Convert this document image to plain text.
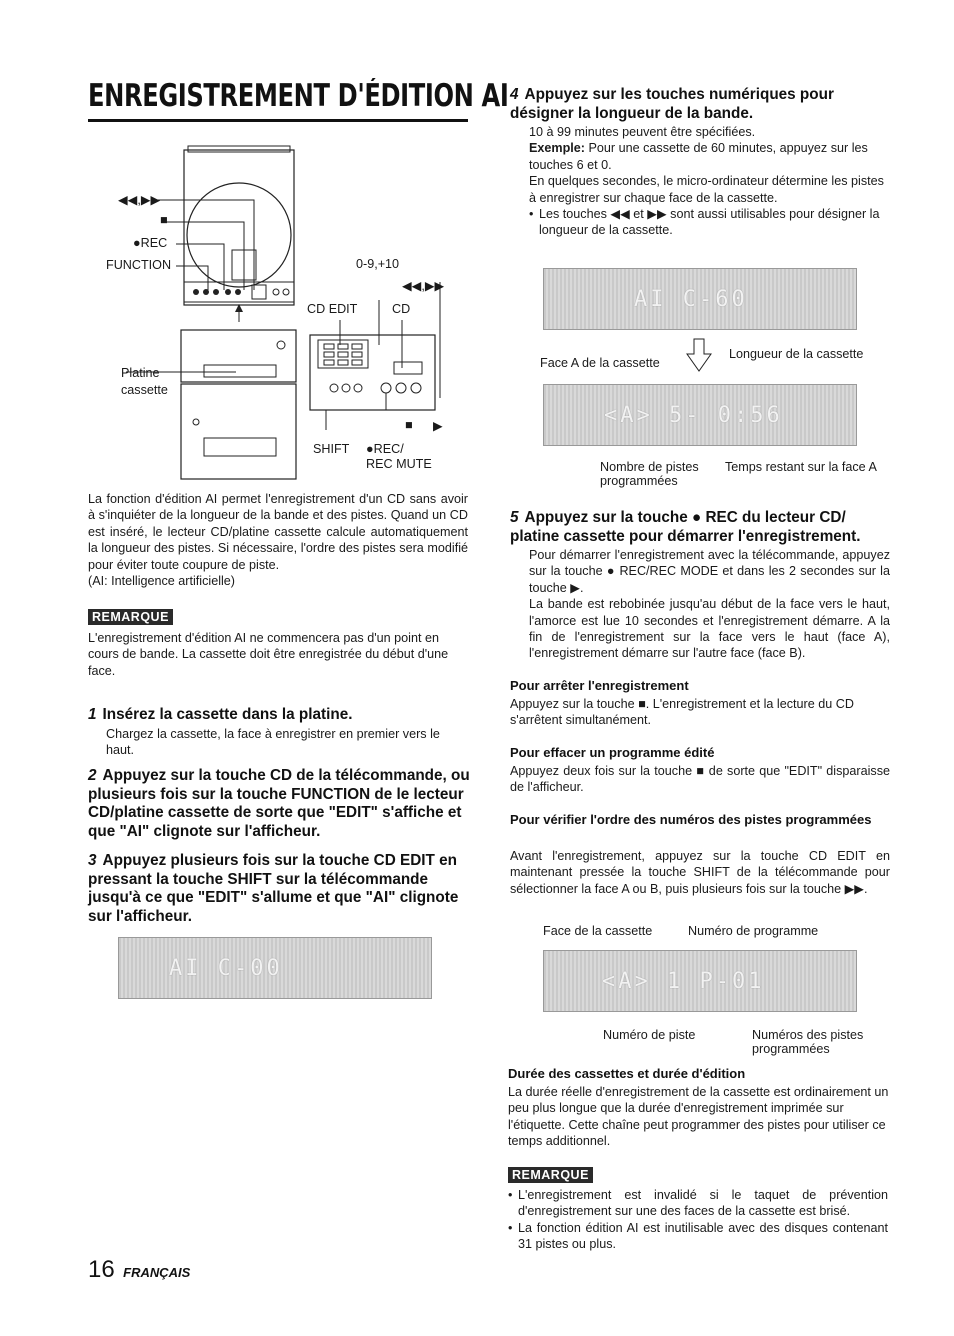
ENREGISTREMENT D'ÉDITION AI
◀◀,▶▶
■
●REC
FUNCTION
Platine cassette
0-9,+10
◀◀,▶▶
CD EDIT	CD
■ ▶
SHIFT ●REC/
REC MUTE
La fonction d'édition AI permet l'enregistrement d'un CD sans avoir à s'inquiéter de la longueur de la bande et des pistes. Quand un CD est inséré, le lecteur CD/platine cassette calcule automatiquement la longueur des pistes. Si nécessaire, l'ordre des pistes sera modifié pour éviter toute coupure de piste.
(AI: Intelligence artificielle)
REMARQUE
L'enregistrement d'édition AI ne commencera pas d'un point en cours de bande. La cassette doit être enregistrée du début d'une face.
1 Insérez la cassette dans la platine.
Chargez la cassette, la face à enregistrer en premier vers le haut.
2 Appuyez sur la touche CD de la télécommande, ou plusieurs fois sur la touche FUNCTION de le lecteur CD/platine cassette de sorte que "EDIT" s'affiche et que "AI" clignote sur l'afficheur.
3 Appuyez plusieurs fois sur la touche CD EDIT en pressant la touche SHIFT sur la télécommande jusqu'à ce que "EDIT" s'allume et que "AI" clignote sur l'afficheur.
AI C-00
16 FRANÇAIS
4 Appuyez sur les touches numériques pour désigner la longueur de la bande.
10 à 99 minutes peuvent être spécifiées.
Exemple: Pour une cassette de 60 minutes, appuyez sur les touches 6 et 0.
En quelques secondes, le micro-ordinateur détermine les pistes à enregistrer sur chaque face de la cassette.
• Les touches ◀◀ et ▶▶ sont aussi utilisables pour désigner la longueur de la cassette.
AI C-60
Face A de la cassette
Longueur de la cassette
<A> 5- 0:56
Nombre de pistes programmées
Temps restant sur la face A
5 Appuyez sur la touche ● REC du lecteur CD/ platine cassette pour démarrer l'enregistrement.
Pour démarrer l'enregistrement avec la télécommande, appuyez sur la touche ● REC/REC MODE et dans les 2 secondes sur la touche ▶.
La bande est rebobinée jusqu'au début de la face vers le haut, l'amorce est lue 10 secondes et l'enregistrement démarre. A la fin de l'enregistrement sur la face vers le haut (face A), l'enregistrement démarre sur l'autre face (face B).
Pour arrêter l'enregistrement
Appuyez sur la touche ■. L'enregistrement et la lecture du CD s'arrêtent simultanément.
Pour effacer un programme édité
Appuyez deux fois sur la touche ■ de sorte que "EDIT" disparaisse de l'afficheur.
Pour vérifier l'ordre des numéros des pistes programmées
Avant l'enregistrement, appuyez sur la touche CD EDIT en maintenant pressée la touche SHIFT de la télécommande pour sélectionner la face A ou B, puis plusieurs fois sur la touche ▶▶.
Face de la cassette	Numéro de programme
<A> 1 P-01
Numéro de piste	Numéros des pistes programmées
Durée des cassettes et durée d'édition
La durée réelle d'enregistrement de la cassette est ordinairement un peu plus longue que la durée d'enregistrement imprimée sur l'étiquette. Cette chaîne peut programmer des pistes pour utiliser ce temps additionnel.
REMARQUE
• L'enregistrement est invalidé si le taquet de prévention d'enregistrement sur une des faces de la cassette est brisé.
• La fonction édition AI est inutilisable avec des disques contenant 31 pistes ou plus.
